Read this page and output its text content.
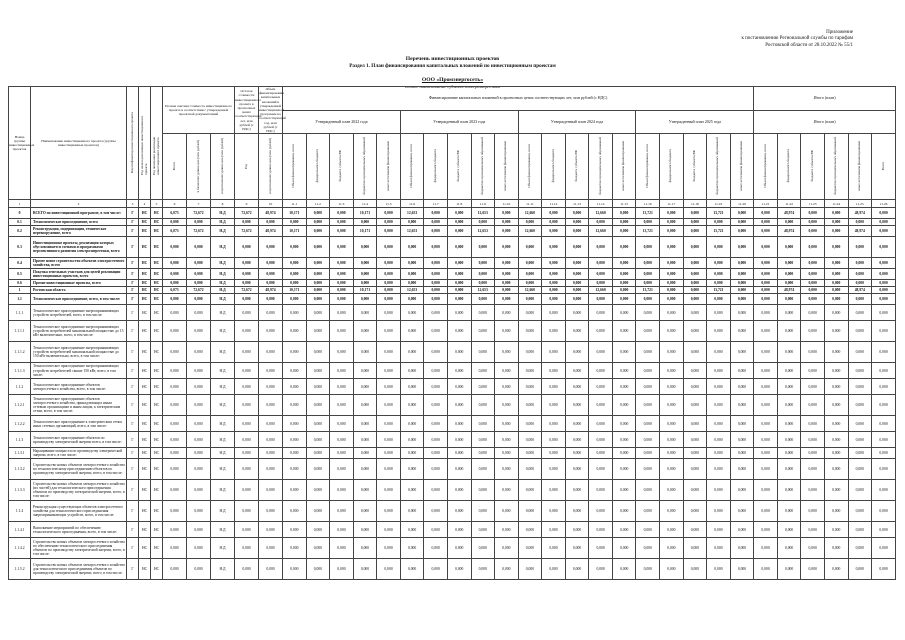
Приложение
к постановлению Региональной службы по тарифам
Ростовской области от 28.10.2022 № 55/1
Перечень инвестиционных проектов
Раздел 1. План финансирования капитальных вложений по инвестиционным проектам
ООО «Промэнергосеть»
полное наименование субъекта электроэнергетики
Номер группы инвестиционных проектов	Наименование инвестиционного проекта (группы инвестиционных проектов)	Идентификатор инвестиционного проекта	Год начала реализации инвестиционного проекта	Год окончания реализации инвестиционного проекта	Полная сметная стоимость инвестиционного проекта в соответствии с утвержденной проектной документацией			Остаток стоимости инвестиционного проекта в прогнозных ценах соответствующих лет, млн рублей (с НДС)	Объем финансирования капитальных вложений в утвержденной инвестиционной программе на соответствующий год, млн рублей (с НДС)	Финансирование капитальных вложений в прогнозных ценах соответствующих лет, млн рублей (с НДС)																				Итого (план)					
										Утвержденный план 2022 года					Утвержденный план 2023 года					Утвержденный план 2024 года					Утвержденный план 2025 года					Итого (план)					
					Всего	в базисном уровне цен (млн рублей)	в прогнозном уровне цен (млн рублей)	Год	в прогнозном уровне цен (млн рублей)	Объем финансирования, всего	федерального бюджета	бюджета субъекта РФ	бюджетов муниципальных образований	иных источников финансирования	Объем финансирования, всего	федерального бюджета	бюджета субъекта РФ	бюджетов муниципальных образований	иных источников финансирования	Объем финансирования, всего	федерального бюджета	бюджета субъекта РФ	бюджетов муниципальных образований	иных источников финансирования	Объем финансирования, всего	федерального бюджета	бюджета субъекта РФ	бюджетов муниципальных образований	иных источников финансирования	Объем финансирования, всего	федерального бюджета	бюджета субъекта РФ	бюджетов муниципальных образований	иных источников финансирования	Всего
1	2	3	4	5	6	7	8	9	10	11.1	11.2	11.3	11.4	11.5	11.6	11.7	11.8	11.9	11.10	11.11	11.12	11.13	11.14	11.15	11.16	11.17	11.18	11.19	11.20	11.21	11.22	11.23	11.24	11.25	11.26
0	ВСЕГО по инвестиционной программе, в том числе:	Г	НС	НС	6,073	72,672	Н.Д	72,672	48,974	10,171	0,000	0,000	10,171	0,000	12,653	0,000	0,000	12,653	0,000	12,660	0,000	0,000	12,660	0,000	13,721	0,000	0,000	13,721	0,000	0,000	48,974	0,000	0,000	48,974	0,000
0.1	Технологическое присоединение, всего	Г	НС	НС	0,000	0,000	Н.Д	0,000	0,000	0,000	0,000	0,000	0,000	0,000	0,000	0,000	0,000	0,000	0,000	0,000	0,000	0,000	0,000	0,000	0,000	0,000	0,000	0,000	0,000	0,000	0,000	0,000	0,000	0,000	0,000
0.2	Реконструкция, модернизация, техническое перевооружение, всего	Г	НС	НС	6,073	72,672	Н.Д	72,672	48,974	10,171	0,000	0,000	10,171	0,000	12,653	0,000	0,000	12,653	0,000	12,660	0,000	0,000	12,660	0,000	13,721	0,000	0,000	13,721	0,000	0,000	48,974	0,000	0,000	48,974	0,000
0.3	Инвестиционные проекты, реализация которых обусловливается схемами и программами перспективного развития электроэнергетики, всего	Г	НС	НС	0,000	0,000	Н.Д	0,000	0,000	0,000	0,000	0,000	0,000	0,000	0,000	0,000	0,000	0,000	0,000	0,000	0,000	0,000	0,000	0,000	0,000	0,000	0,000	0,000	0,000	0,000	0,000	0,000	0,000	0,000	0,000
0.4	Прочее новое строительство объектов электросетевого хозяйства, всего	Г	НС	НС	0,000	0,000	Н.Д	0,000	0,000	0,000	0,000	0,000	0,000	0,000	0,000	0,000	0,000	0,000	0,000	0,000	0,000	0,000	0,000	0,000	0,000	0,000	0,000	0,000	0,000	0,000	0,000	0,000	0,000	0,000	0,000
0.5	Покупка земельных участков для целей реализации инвестиционных проектов, всего	Г	НС	НС	0,000	0,000	Н.Д	0,000	0,000	0,000	0,000	0,000	0,000	0,000	0,000	0,000	0,000	0,000	0,000	0,000	0,000	0,000	0,000	0,000	0,000	0,000	0,000	0,000	0,000	0,000	0,000	0,000	0,000	0,000	0,000
0.6	Прочие инвестиционные проекты, всего	Г	НС	НС	0,000	0,000	Н.Д	0,000	0,000	0,000	0,000	0,000	0,000	0,000	0,000	0,000	0,000	0,000	0,000	0,000	0,000	0,000	0,000	0,000	0,000	0,000	0,000	0,000	0,000	0,000	0,000	0,000	0,000	0,000	0,000
1	Ростовская область	Г	НС	НС	6,073	72,672	Н.Д	72,672	48,974	10,171	0,000	0,000	10,171	0,000	12,653	0,000	0,000	12,653	0,000	12,660	0,000	0,000	12,660	0,000	13,721	0,000	0,000	13,721	0,000	0,000	48,974	0,000	0,000	48,974	0,000
1.1	Технологическое присоединение, всего, в том числе:	Г	НС	НС	0,000	0,000	Н.Д	0,000	0,000	0,000	0,000	0,000	0,000	0,000	0,000	0,000	0,000	0,000	0,000	0,000	0,000	0,000	0,000	0,000	0,000	0,000	0,000	0,000	0,000	0,000	0,000	0,000	0,000	0,000	0,000
1.1.1	Технологическое присоединение энергопринимающих устройств потребителей, всего, в том числе:	Г	НС	НС	0,000	0,000	Н.Д	0,000	0,000	0,000	0,000	0,000	0,000	0,000	0,000	0,000	0,000	0,000	0,000	0,000	0,000	0,000	0,000	0,000	0,000	0,000	0,000	0,000	0,000	0,000	0,000	0,000	0,000	0,000	0,000
1.1.1.1	Технологическое присоединение энергопринимающих устройств потребителей максимальной мощностью до 15 кВт включительно, всего, в том числе:	Г	НС	НС	0,000	0,000	Н.Д	0,000	0,000	0,000	0,000	0,000	0,000	0,000	0,000	0,000	0,000	0,000	0,000	0,000	0,000	0,000	0,000	0,000	0,000	0,000	0,000	0,000	0,000	0,000	0,000	0,000	0,000	0,000	0,000
1.1.1.2	Технологическое присоединение энергопринимающих устройств потребителей максимальной мощностью до 150 кВт включительно, всего, в том числе:	Г	НС	НС	0,000	0,000	Н.Д	0,000	0,000	0,000	0,000	0,000	0,000	0,000	0,000	0,000	0,000	0,000	0,000	0,000	0,000	0,000	0,000	0,000	0,000	0,000	0,000	0,000	0,000	0,000	0,000	0,000	0,000	0,000	0,000
1.1.1.3	Технологическое присоединение энергопринимающих устройств потребителей свыше 150 кВт, всего, в том числе:	Г	НС	НС	0,000	0,000	Н.Д	0,000	0,000	0,000	0,000	0,000	0,000	0,000	0,000	0,000	0,000	0,000	0,000	0,000	0,000	0,000	0,000	0,000	0,000	0,000	0,000	0,000	0,000	0,000	0,000	0,000	0,000	0,000	0,000
1.1.2	Технологическое присоединение объектов электросетевого хозяйства, всего, в том числе:	Г	НС	НС	0,000	0,000	Н.Д	0,000	0,000	0,000	0,000	0,000	0,000	0,000	0,000	0,000	0,000	0,000	0,000	0,000	0,000	0,000	0,000	0,000	0,000	0,000	0,000	0,000	0,000	0,000	0,000	0,000	0,000	0,000	0,000
1.1.2.1	Технологическое присоединение объектов электросетевого хозяйства, принадлежащих иным сетевым организациям и иным лицам, к электрическим сетям, всего, в том числе:	Г	НС	НС	0,000	0,000	Н.Д	0,000	0,000	0,000	0,000	0,000	0,000	0,000	0,000	0,000	0,000	0,000	0,000	0,000	0,000	0,000	0,000	0,000	0,000	0,000	0,000	0,000	0,000	0,000	0,000	0,000	0,000	0,000	0,000
1.1.2.2	Технологическое присоединение к электрическим сетям иных сетевых организаций, всего, в том числе:	Г	НС	НС	0,000	0,000	Н.Д	0,000	0,000	0,000	0,000	0,000	0,000	0,000	0,000	0,000	0,000	0,000	0,000	0,000	0,000	0,000	0,000	0,000	0,000	0,000	0,000	0,000	0,000	0,000	0,000	0,000	0,000	0,000	0,000
1.1.3	Технологическое присоединение объектов по производству электрической энергии всего, в том числе:	Г	НС	НС	0,000	0,000	Н.Д	0,000	0,000	0,000	0,000	0,000	0,000	0,000	0,000	0,000	0,000	0,000	0,000	0,000	0,000	0,000	0,000	0,000	0,000	0,000	0,000	0,000	0,000	0,000	0,000	0,000	0,000	0,000	0,000
1.1.3.1	Наращивание мощности по производству электрической энергии, всего, в том числе:	Г	НС	НС	0,000	0,000	Н.Д	0,000	0,000	0,000	0,000	0,000	0,000	0,000	0,000	0,000	0,000	0,000	0,000	0,000	0,000	0,000	0,000	0,000	0,000	0,000	0,000	0,000	0,000	0,000	0,000	0,000	0,000	0,000	0,000
1.1.3.2	Строительство новых объектов электросетевого хозяйства по технологическому присоединению объектов по производству электрической энергии, всего, в том числе:	Г	НС	НС	0,000	0,000	Н.Д	0,000	0,000	0,000	0,000	0,000	0,000	0,000	0,000	0,000	0,000	0,000	0,000	0,000	0,000	0,000	0,000	0,000	0,000	0,000	0,000	0,000	0,000	0,000	0,000	0,000	0,000	0,000	0,000
1.1.3.3	Строительство новых объектов электросетевого хозяйства (их частей) для технологического присоединения объектов по производству электрической энергии, всего, в том числе:	Г	НС	НС	0,000	0,000	Н.Д	0,000	0,000	0,000	0,000	0,000	0,000	0,000	0,000	0,000	0,000	0,000	0,000	0,000	0,000	0,000	0,000	0,000	0,000	0,000	0,000	0,000	0,000	0,000	0,000	0,000	0,000	0,000	0,000
1.1.4	Реконструкция существующих объектов электросетевого хозяйства для технологического присоединения энергопринимающих устройств, всего, в том числе:	Г	НС	НС	0,000	0,000	Н.Д	0,000	0,000	0,000	0,000	0,000	0,000	0,000	0,000	0,000	0,000	0,000	0,000	0,000	0,000	0,000	0,000	0,000	0,000	0,000	0,000	0,000	0,000	0,000	0,000	0,000	0,000	0,000	0,000
1.1.4.1	Выполнение мероприятий по обеспечению технологического присоединения, всего, в том числе:	Г	НС	НС	0,000	0,000	Н.Д	0,000	0,000	0,000	0,000	0,000	0,000	0,000	0,000	0,000	0,000	0,000	0,000	0,000	0,000	0,000	0,000	0,000	0,000	0,000	0,000	0,000	0,000	0,000	0,000	0,000	0,000	0,000	0,000
1.1.4.2	Строительство новых объектов электросетевого хозяйства по обеспечению технологического присоединения объектов по производству электрической энергии, всего, в том числе:	Г	НС	НС	0,000	0,000	Н.Д	0,000	0,000	0,000	0,000	0,000	0,000	0,000	0,000	0,000	0,000	0,000	0,000	0,000	0,000	0,000	0,000	0,000	0,000	0,000	0,000	0,000	0,000	0,000	0,000	0,000	0,000	0,000	0,000
1.1.5.2	Строительство новых объектов электросетевого хозяйства для технологического присоединения объектов по производству электрической энергии, всего, в том числе:	Г	НС	НС	0,000	0,000	Н.Д	0,000	0,000	0,000	0,000	0,000	0,000	0,000	0,000	0,000	0,000	0,000	0,000	0,000	0,000	0,000	0,000	0,000	0,000	0,000	0,000	0,000	0,000	0,000	0,000	0,000	0,000	0,000	0,000
